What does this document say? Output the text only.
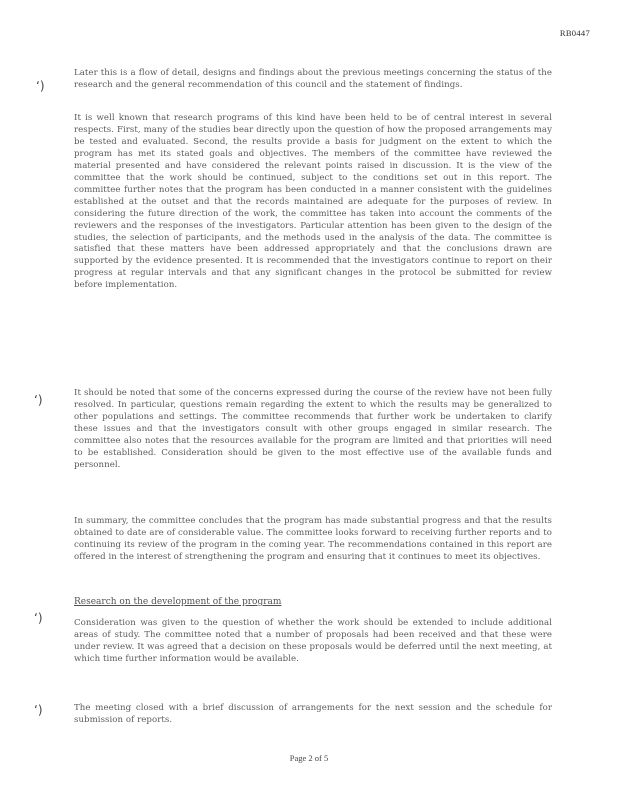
RB0447
‘)
‘)
‘)
‘)

Later this is a flow of detail, designs and findings about the previous meetings concerning the status of the research and the general recommendation of this council and the statement of findings.

It is well known that research programs of this kind have been held to be of central interest in several respects. First, many of the studies bear directly upon the question of how the proposed arrangements may be tested and evaluated. Second, the results provide a basis for judgment on the extent to which the program has met its stated goals and objectives. The members of the committee have reviewed the material presented and have considered the relevant points raised in discussion. It is the view of the committee that the work should be continued, subject to the conditions set out in this report. The committee further notes that the program has been conducted in a manner consistent with the guidelines established at the outset and that the records maintained are adequate for the purposes of review. In considering the future direction of the work, the committee has taken into account the comments of the reviewers and the responses of the investigators. Particular attention has been given to the design of the studies, the selection of participants, and the methods used in the analysis of the data. The committee is satisfied that these matters have been addressed appropriately and that the conclusions drawn are supported by the evidence presented. It is recommended that the investigators continue to report on their progress at regular intervals and that any significant changes in the protocol be submitted for review before implementation.

It should be noted that some of the concerns expressed during the course of the review have not been fully resolved. In particular, questions remain regarding the extent to which the results may be generalized to other populations and settings. The committee recommends that further work be undertaken to clarify these issues and that the investigators consult with other groups engaged in similar research. The committee also notes that the resources available for the program are limited and that priorities will need to be established. Consideration should be given to the most effective use of the available funds and personnel.

In summary, the committee concludes that the program has made substantial progress and that the results obtained to date are of considerable value. The committee looks forward to receiving further reports and to continuing its review of the program in the coming year. The recommendations contained in this report are offered in the interest of strengthening the program and ensuring that it continues to meet its objectives.

Research on the development of the program

Consideration was given to the question of whether the work should be extended to include additional areas of study. The committee noted that a number of proposals had been received and that these were under review. It was agreed that a decision on these proposals would be deferred until the next meeting, at which time further information would be available.

The meeting closed with a brief discussion of arrangements for the next session and the schedule for submission of reports.

Page 2 of 5
